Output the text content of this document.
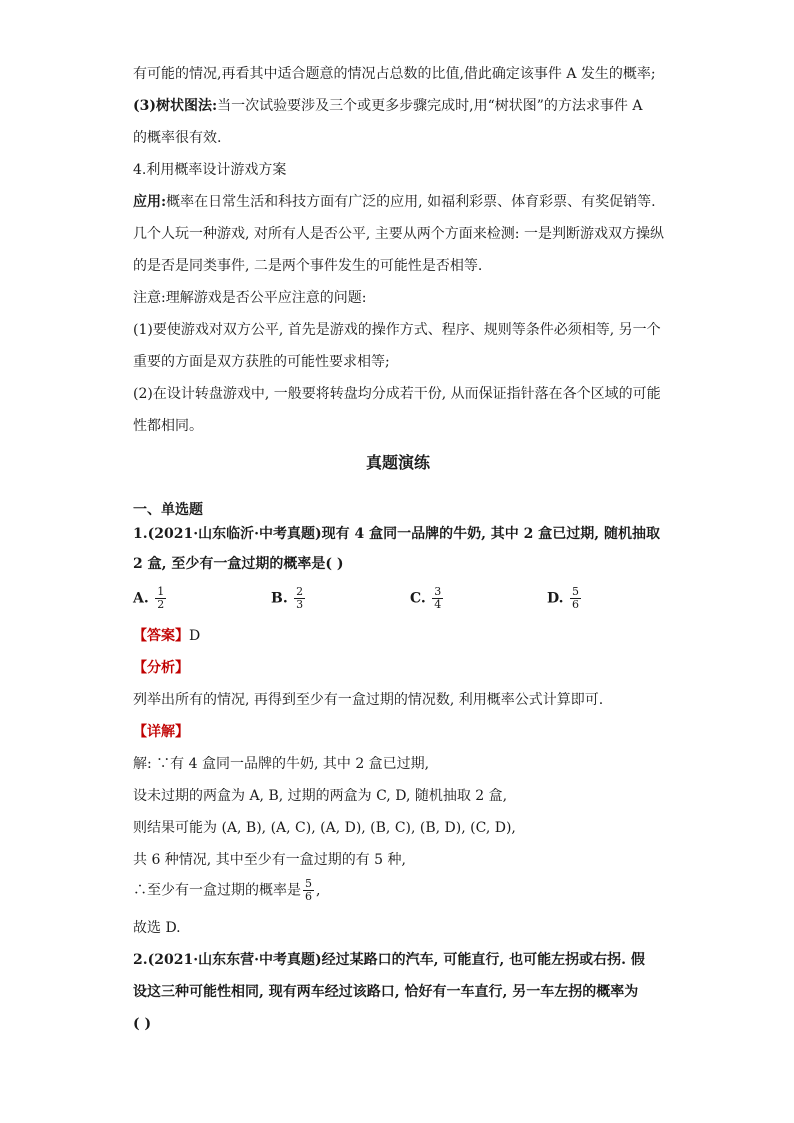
有可能的情况,再看其中适合题意的情况占总数的比值,借此确定该事件 A 发生的概率;
(3)树状图法:当一次试验要涉及三个或更多步骤完成时,用“树状图”的方法求事件 A
的概率很有效.
4.利用概率设计游戏方案
应用:概率在日常生活和科技方面有广泛的应用, 如福利彩票、体育彩票、有奖促销等.
几个人玩一种游戏, 对所有人是否公平, 主要从两个方面来检测: 一是判断游戏双方操纵
的是否是同类事件, 二是两个事件发生的可能性是否相等.
注意:理解游戏是否公平应注意的问题:
(1)要使游戏对双方公平, 首先是游戏的操作方式、程序、规则等条件必须相等, 另一个
重要的方面是双方获胜的可能性要求相等;
(2)在设计转盘游戏中, 一般要将转盘均分成若干份, 从而保证指针落在各个区域的可能
性都相同。
真题演练
一、单选题
1.(2021·山东临沂·中考真题)现有 4 盒同一品牌的牛奶, 其中 2 盒已过期, 随机抽取
2 盒, 至少有一盒过期的概率是( )
A. $\frac{1}{2}$	B. $\frac{2}{3}$	C. $\frac{3}{4}$	D. $\frac{5}{6}$
【答案】D
【分析】
列举出所有的情况, 再得到至少有一盒过期的情况数, 利用概率公式计算即可.
【详解】
解: ∵有 4 盒同一品牌的牛奶, 其中 2 盒已过期,
设未过期的两盒为 A, B, 过期的两盒为 C, D, 随机抽取 2 盒,
则结果可能为 (A, B), (A, C), (A, D), (B, C), (B, D), (C, D),
共 6 种情况, 其中至少有一盒过期的有 5 种,
∴至少有一盒过期的概率是 $\frac{5}{6}$ ,
故选 D.
2.(2021·山东东营·中考真题)经过某路口的汽车, 可能直行, 也可能左拐或右拐. 假
设这三种可能性相同, 现有两车经过该路口, 恰好有一车直行, 另一车左拐的概率为
( )
